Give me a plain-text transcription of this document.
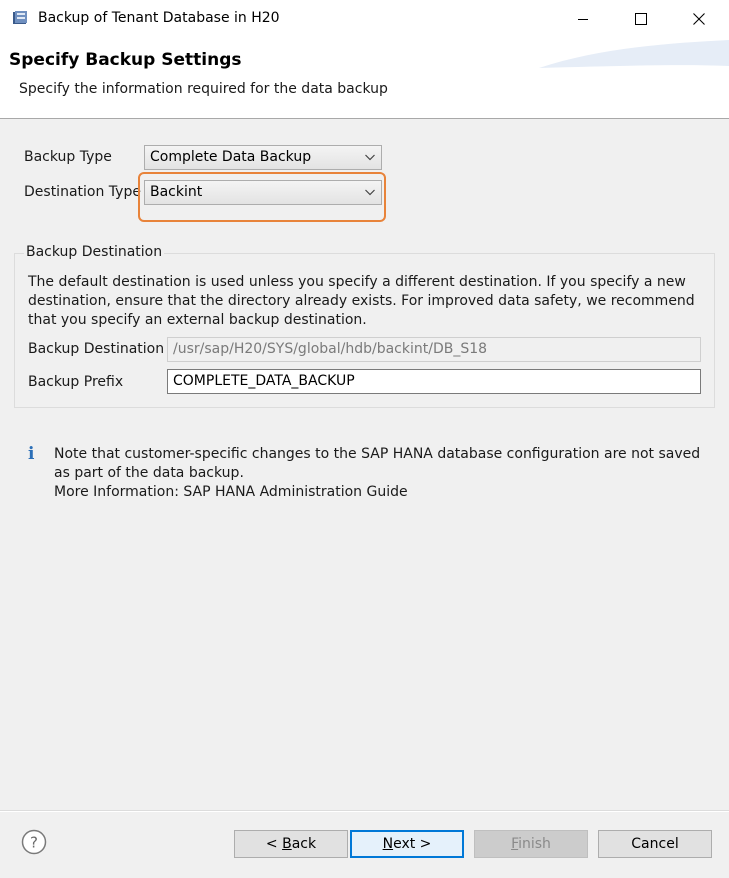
Backup of Tenant Database in H20
Specify Backup Settings
Specify the information required for the data backup
Backup Type	Complete Data Backup
Destination Type Backint
Backup Destination
The default destination is used unless you specify a different destination. If you specify a new destination, ensure that the directory already exists. For improved data safety, we recommend that you specify an external backup destination.
Backup Destination /usr/sap/H20/SYS/global/hdb/backint/DB_S18
Backup Prefix	COMPLETE_DATA_BACKUP
i Note that customer-specific changes to the SAP HANA database configuration are not saved as part of the data backup.
More Information: SAP HANA Administration Guide
?	< Back	Next >	Finish	Cancel
